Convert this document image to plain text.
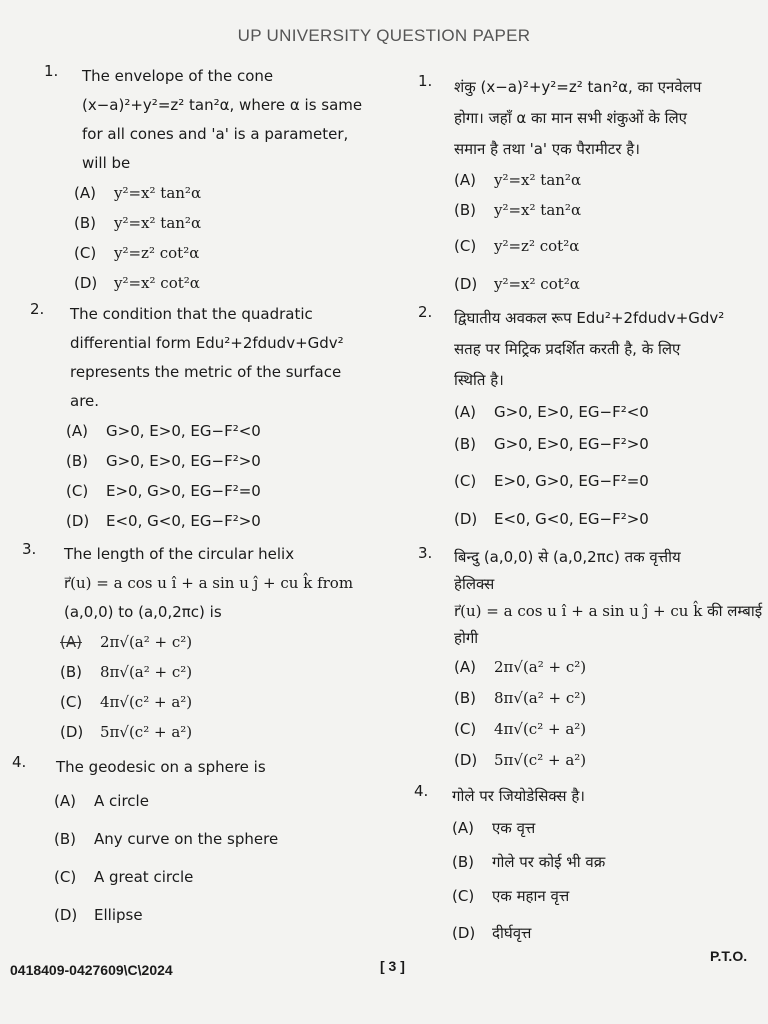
UP UNIVERSITY QUESTION PAPER
1. The envelope of the cone

(x−a)²+y²=z² tan²α, where α is same

for all cones and 'a' is a parameter,

will be

(A) y²=x² tan²α
(B) y²=x² tan²α
(C) y²=z² cot²α
(D) y²=x² cot²α
2. The condition that the quadratic

differential form Edu²+2fdudv+Gdv²

represents the metric of the surface

are.

(A) G>0, E>0, EG−F²<0
(B) G>0, E>0, EG−F²>0
(C) E>0, G>0, EG−F²=0
(D) E<0, G<0, EG−F²>0
3. The length of the circular helix

r⃗(u) = a cos u î + a sin u ĵ + cu k̂ from

(a,0,0) to (a,0,2πc) is

(A) 2π√(a² + c²)
(B) 8π√(a² + c²)
(C) 4π√(c² + a²)
(D) 5π√(c² + a²)
4. The geodesic on a sphere is

(A) A circle
(B) Any curve on the sphere
(C) A great circle
(D) Ellipse
1. शंकु (x−a)²+y²=z² tan²α, का एनवेलप

होगा। जहाँ α का मान सभी शंकुओं के लिए

समान है तथा 'a' एक पैरामीटर है।

(A) y²=x² tan²α
(B) y²=x² tan²α
(C) y²=z² cot²α
(D) y²=x² cot²α
2. द्विघातीय अवकल रूप Edu²+2fdudv+Gdv²

सतह पर मिट्रिक प्रदर्शित करती है, के लिए

स्थिति है।

(A) G>0, E>0, EG−F²<0
(B) G>0, E>0, EG−F²>0
(C) E>0, G>0, EG−F²=0
(D) E<0, G<0, EG−F²>0
3. बिन्दु (a,0,0) से (a,0,2πc) तक वृत्तीय

हेलिक्स

r⃗(u) = a cos u î + a sin u ĵ + cu k̂ की लम्बाई

होगी

(A) 2π√(a² + c²)
(B) 8π√(a² + c²)
(C) 4π√(c² + a²)
(D) 5π√(c² + a²)
4. गोले पर जियोडेसिक्स है।

(A) एक वृत्त
(B) गोले पर कोई भी वक्र
(C) एक महान वृत्त
(D) दीर्घवृत्त
0418409-0427609\C\2024	[ 3 ]
P.T.O.
